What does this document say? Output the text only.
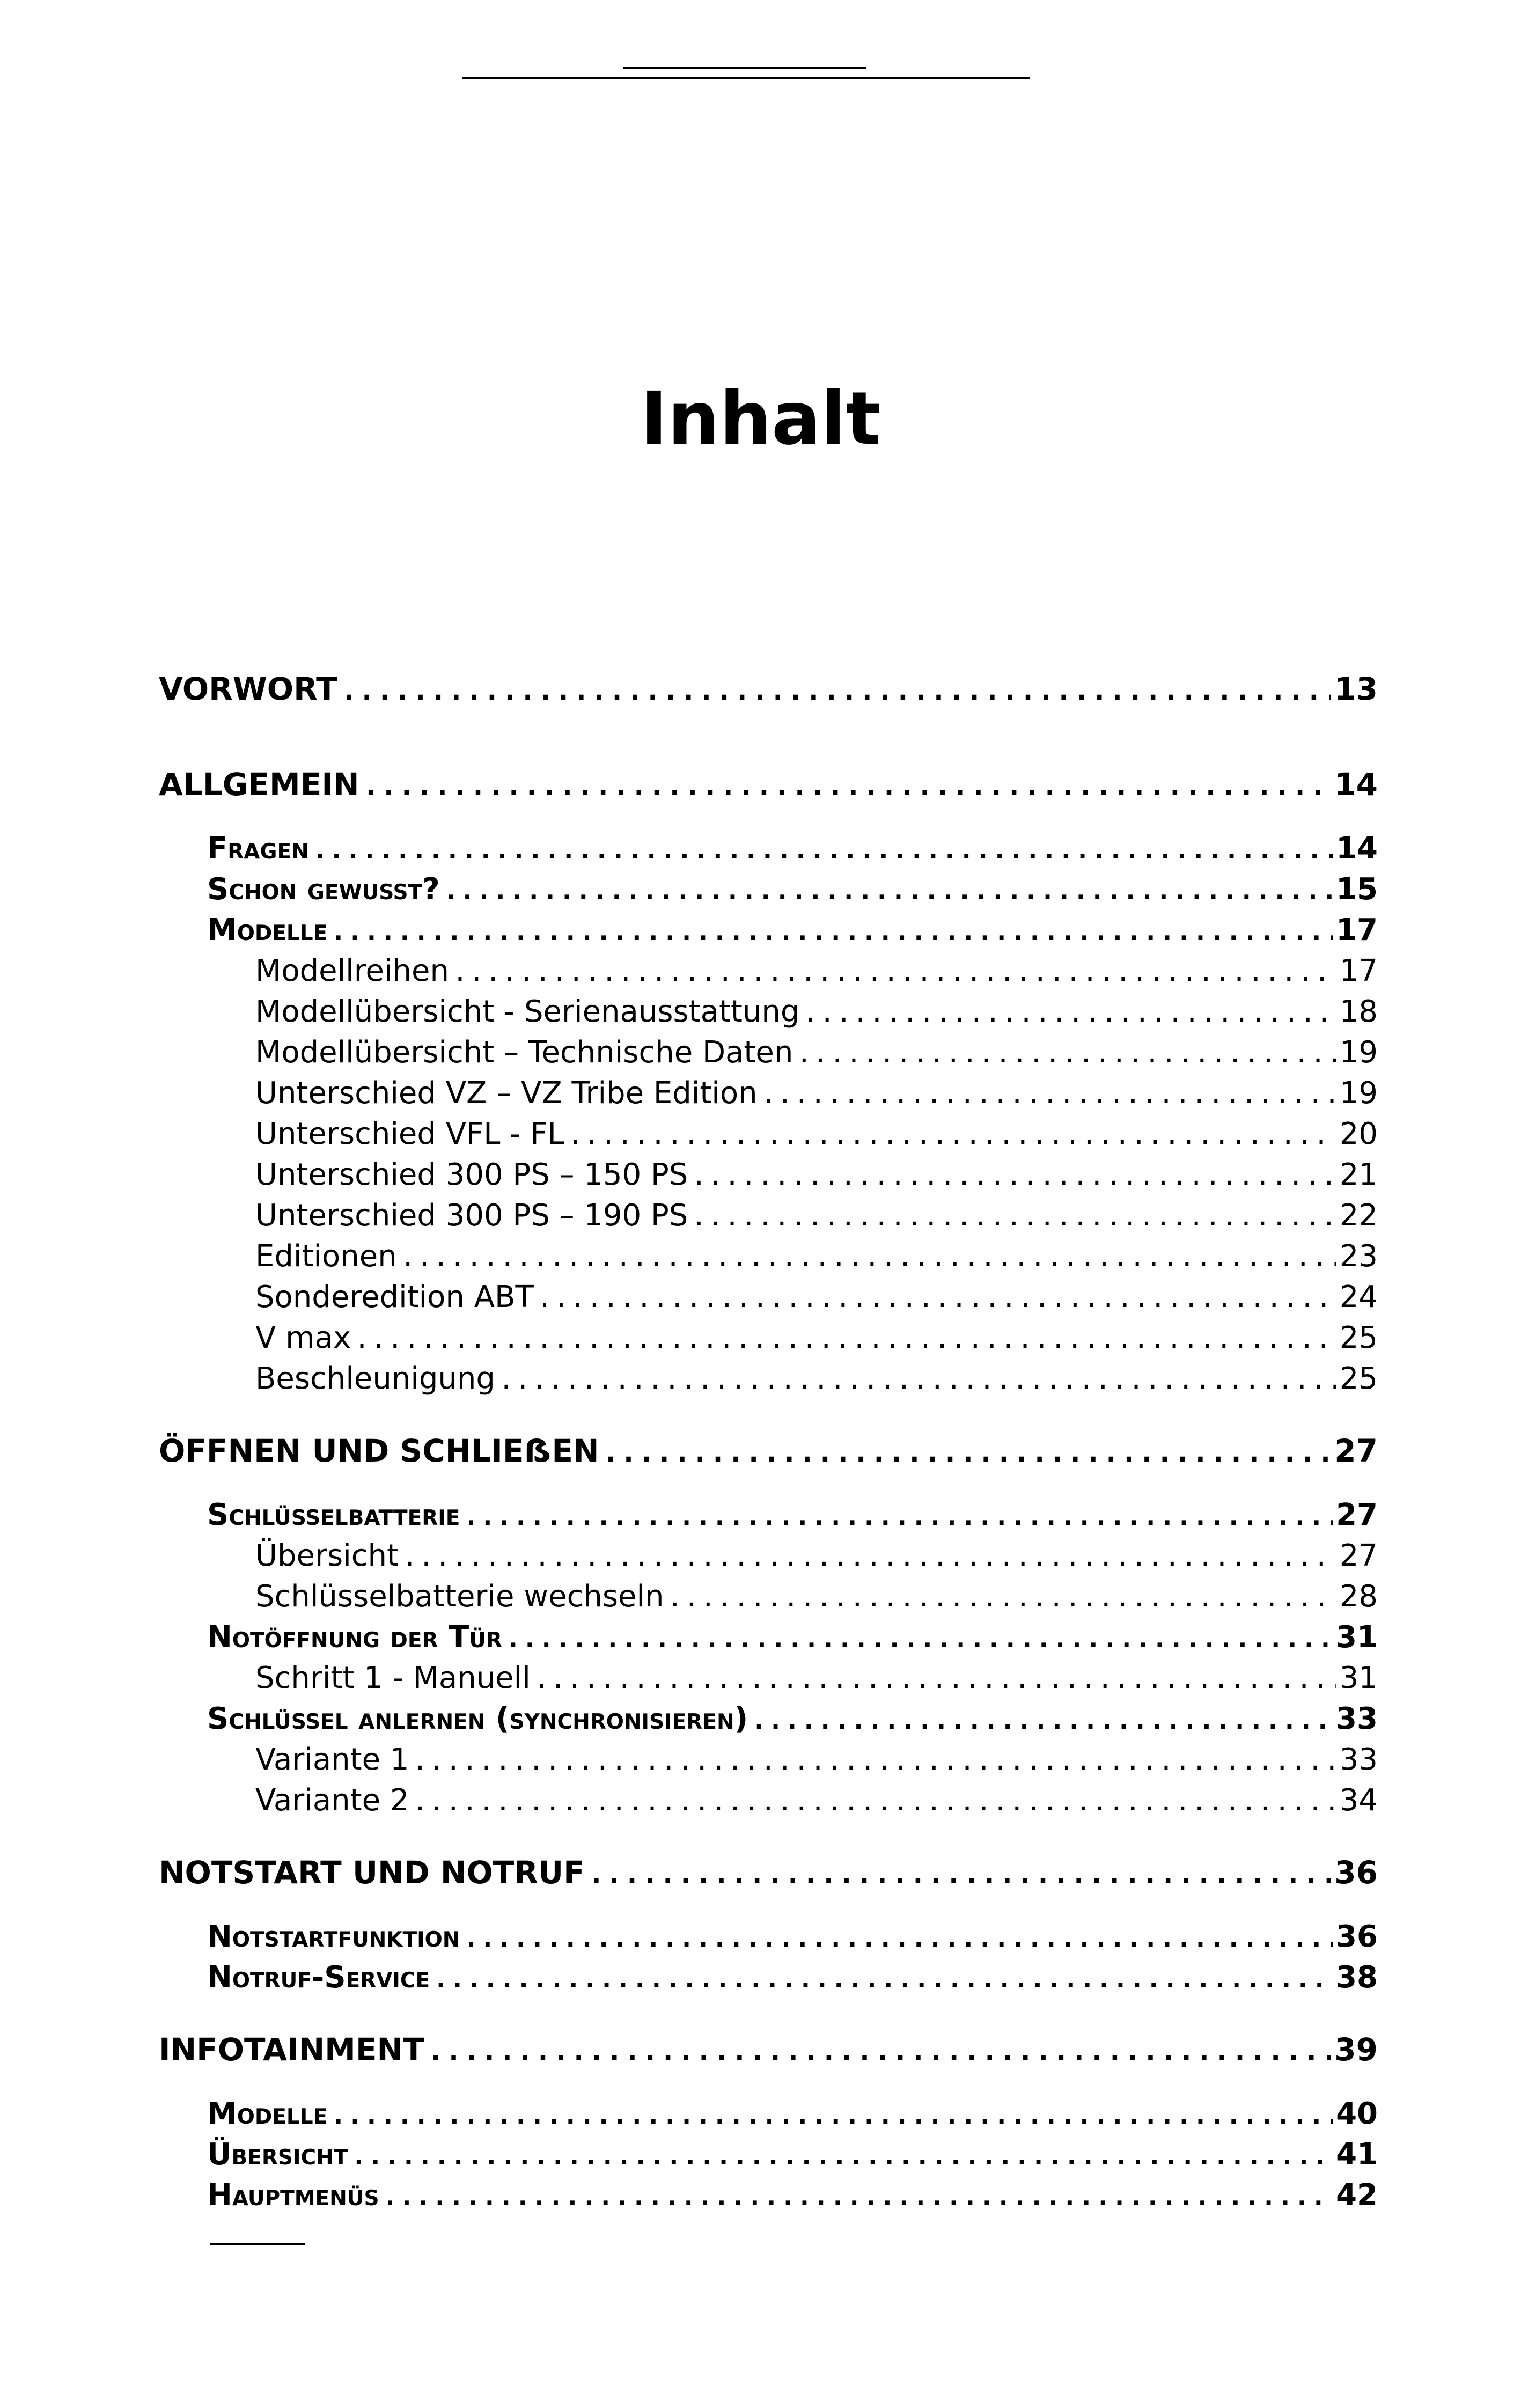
Inhalt
VORWORT .....	13
ALLGEMEIN .....	14
Fragen .....	14
Schon gewusst? .....	15
Modelle .....	17
Modellreihen .....	17
Modellübersicht - Serienausstattung .....	18
Modellübersicht – Technische Daten .....	19
Unterschied VZ – VZ Tribe Edition .....	19
Unterschied VFL - FL .....	20
Unterschied 300 PS – 150 PS .....	21
Unterschied 300 PS – 190 PS .....	22
Editionen .....	23
Sonderedition ABT .....	24
V max .....	25
Beschleunigung .....	25
ÖFFNEN UND SCHLIEẞEN .....	27
Schlüsselbatterie .....	27
Übersicht .....	27
Schlüsselbatterie wechseln .....	28
Notöffnung der Tür .....	31
Schritt 1 - Manuell .....	31
Schlüssel anlernen (synchronisieren) .....	33
Variante 1 .....	33
Variante 2 .....	34
NOTSTART UND NOTRUF .....	36
Notstartfunktion .....	36
Notruf-Service .....	38
INFOTAINMENT .....	39
Modelle .....	40
Übersicht .....	41
Hauptmenüs .....	42
